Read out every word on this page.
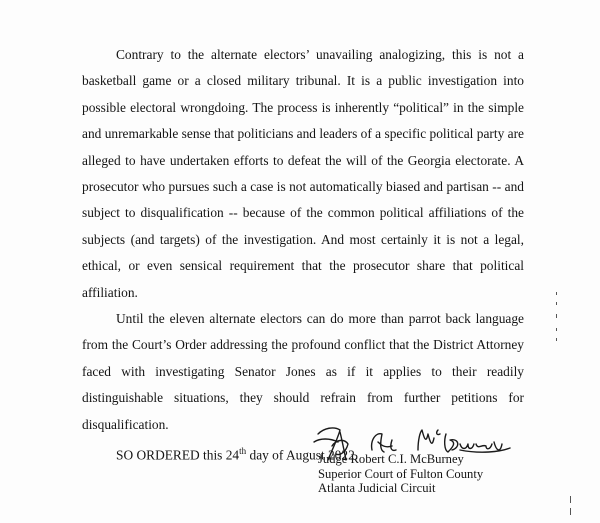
Contrary to the alternate electors’ unavailing analogizing, this is not a basketball game or a closed military tribunal. It is a public investigation into possible electoral wrongdoing. The process is inherently “political” in the simple and unremarkable sense that politicians and leaders of a specific political party are alleged to have undertaken efforts to defeat the will of the Georgia electorate. A prosecutor who pursues such a case is not automatically biased and partisan -- and subject to disqualification -- because of the common political affiliations of the subjects (and targets) of the investigation. And most certainly it is not a legal, ethical, or even sensical requirement that the prosecutor share that political affiliation.

Until the eleven alternate electors can do more than parrot back language from the Court’s Order addressing the profound conflict that the District Attorney faced with investigating Senator Jones as if it applies to their readily distinguishable situations, they should refrain from further petitions for disqualification.

SO ORDERED this 24th day of August 2022.

Judge Robert C.I. McBurney
Superior Court of Fulton County
Atlanta Judicial Circuit
